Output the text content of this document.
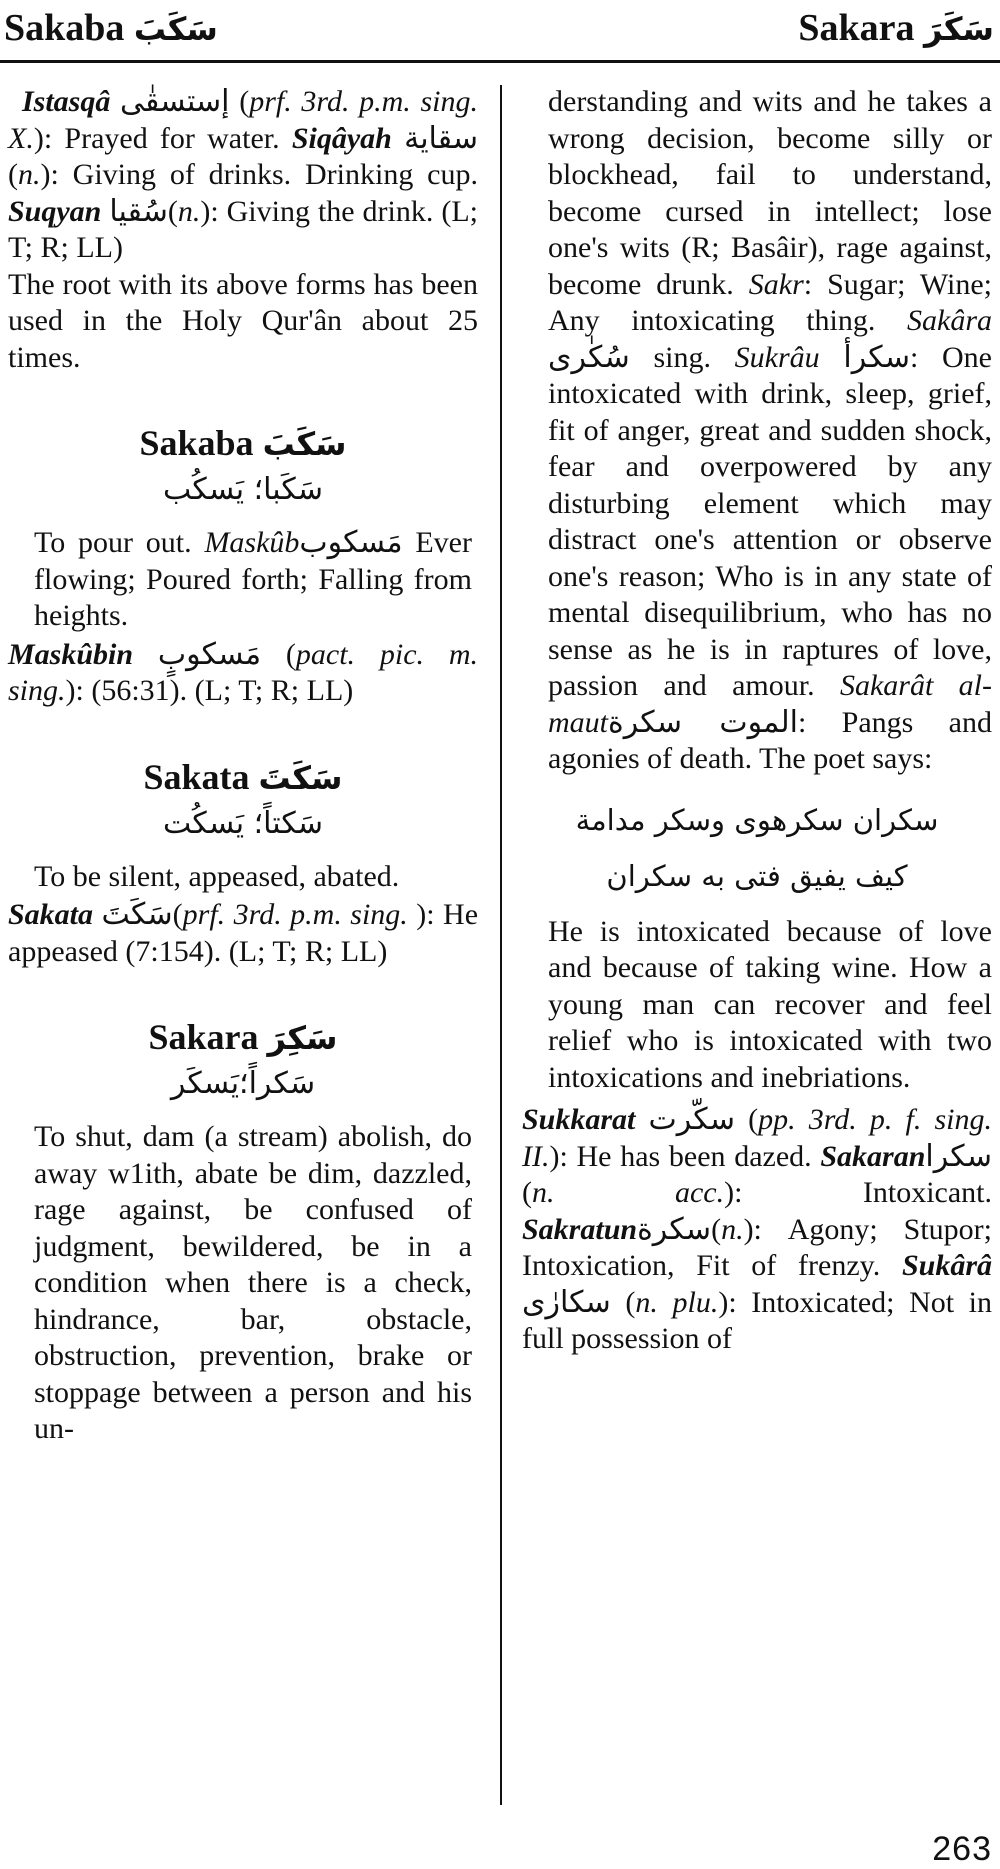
Sakaba سَکَبَ	Sakara سَکَرَ

Istasqâ إستسقٰی (prf. 3rd. p.m. sing. X.): Prayed for water. Siqâyah سقایة (n.): Giving of drinks. Drinking cup. Suqyan سُقیا(n.): Giving the drink. (L; T; R; LL)

The root with its above forms has been used in the Holy Qur'ân about 25 times.

Sakaba سَکَبَ
سَکَبا؛ یَسکُب

To pour out. Maskûbمَسکوب Ever flowing; Poured forth; Falling from heights.

Maskûbin مَسکوبٍ (pact. pic. m. sing.): (56:31). (L; T; R; LL)

Sakata سَکَتَ
سَکتاً؛ یَسکُت

To be silent, appeased, abated.

Sakata سَکَتَ(prf. 3rd. p.m. sing. ): He appeased (7:154). (L; T; R; LL)

Sakara سَکِرَ
سَکراً؛یَسکَر

To shut, dam (a stream) abolish, do away w1ith, abate be dim, dazzled, rage against, be confused of judgment, bewildered, be in a condition when there is a check, hindrance, bar, obstacle, obstruction, prevention, brake or stoppage between a person and his un-

derstanding and wits and he takes a wrong decision, become silly or blockhead, fail to understand, become cursed in intellect; lose one's wits (R; Basâir), rage against, become drunk. Sakr: Sugar; Wine; Any intoxicating thing. Sakâra سُکٰری sing. Sukrâu سکرأ: One intoxicated with drink, sleep, grief, fit of anger, great and sudden shock, fear and overpowered by any disturbing element which may distract one's attention or observe one's reason; Who is in any state of mental disequilibrium, who has no sense as he is in raptures of love, passion and amour. Sakarât al-mautالموت سکرة: Pangs and agonies of death. The poet says:

سکران سکرهوی وسکر مدامة
کیف یفیق فتی به سکران

He is intoxicated because of love and because of taking wine. How a young man can recover and feel relief who is intoxicated with two intoxications and inebriations.

Sukkarat سکّرت (pp. 3rd. p. f. sing. II.): He has been dazed. Sakaranسکرا (n. acc.): Intoxicant. Sakratunسکرة(n.): Agony; Stupor; Intoxication, Fit of frenzy. Sukârâ سکارٰی (n. plu.): Intoxicated; Not in full possession of

263
